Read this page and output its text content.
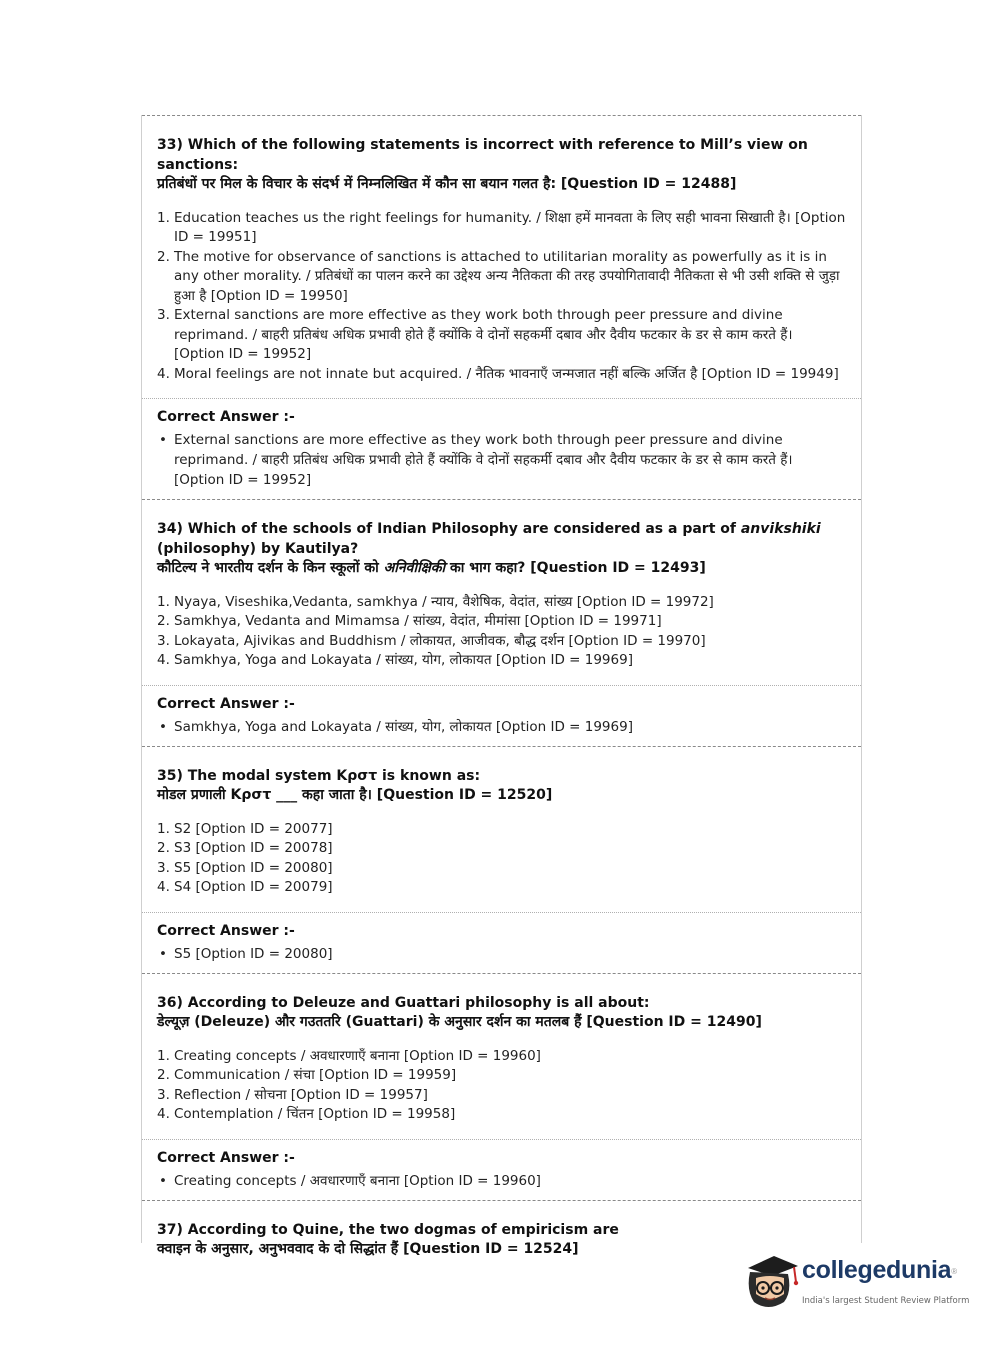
33) Which of the following statements is incorrect with reference to Mill’s view on sanctions:
प्रतिबंधों पर मिल के विचार के संदर्भ में निम्नलिखित में कौन सा बयान गलत है: [Question ID = 12488]
1. Education teaches us the right feelings for humanity. / शिक्षा हमें मानवता के लिए सही भावना सिखाती है। [Option ID = 19951]
2. The motive for observance of sanctions is attached to utilitarian morality as powerfully as it is in any other morality. / प्रतिबंधों का पालन करने का उद्देश्य अन्य नैतिकता की तरह उपयोगितावादी नैतिकता से भी उसी शक्ति से जुड़ा हुआ है [Option ID = 19950]
3. External sanctions are more effective as they work both through peer pressure and divine reprimand. / बाहरी प्रतिबंध अधिक प्रभावी होते हैं क्योंकि वे दोनों सहकर्मी दबाव और दैवीय फटकार के डर से काम करते हैं। [Option ID = 19952]
4. Moral feelings are not innate but acquired. / नैतिक भावनाएँ जन्मजात नहीं बल्कि अर्जित है [Option ID = 19949]
Correct Answer :-
• External sanctions are more effective as they work both through peer pressure and divine reprimand. / बाहरी प्रतिबंध अधिक प्रभावी होते हैं क्योंकि वे दोनों सहकर्मी दबाव और दैवीय फटकार के डर से काम करते हैं। [Option ID = 19952]
34) Which of the schools of Indian Philosophy are considered as a part of anvikshiki (philosophy) by Kautilya?
कौटिल्य ने भारतीय दर्शन के किन स्कूलों को अनिवीक्षिकी का भाग कहा? [Question ID = 12493]
1. Nyaya, Viseshika,Vedanta, samkhya / न्याय, वैशेषिक, वेदांत, सांख्य [Option ID = 19972]
2. Samkhya, Vedanta and Mimamsa / सांख्य, वेदांत, मीमांसा [Option ID = 19971]
3. Lokayata, Ajivikas and Buddhism / लोकायत, आजीवक, बौद्ध दर्शन [Option ID = 19970]
4. Samkhya, Yoga and Lokayata / सांख्य, योग, लोकायत [Option ID = 19969]
Correct Answer :-
• Samkhya, Yoga and Lokayata / सांख्य, योग, लोकायत [Option ID = 19969]
35) The modal system Kρστ is known as:
मोडल प्रणाली Kρστ ___ कहा जाता है। [Question ID = 12520]
1. S2 [Option ID = 20077]
2. S3 [Option ID = 20078]
3. S5 [Option ID = 20080]
4. S4 [Option ID = 20079]
Correct Answer :-
• S5 [Option ID = 20080]
36) According to Deleuze and Guattari philosophy is all about:
डेल्यूज़ (Deleuze) और गउततरि (Guattari) के अनुसार दर्शन का मतलब हैं [Question ID = 12490]
1. Creating concepts / अवधारणाएँ बनाना [Option ID = 19960]
2. Communication / संचा [Option ID = 19959]
3. Reflection / सोचना [Option ID = 19957]
4. Contemplation / चिंतन [Option ID = 19958]
Correct Answer :-
• Creating concepts / अवधारणाएँ बनाना [Option ID = 19960]
37) According to Quine, the two dogmas of empiricism are
क्वाइन के अनुसार, अनुभववाद के दो सिद्धांत हैं [Question ID = 12524]
collegedunia®
India's largest Student Review Platform
